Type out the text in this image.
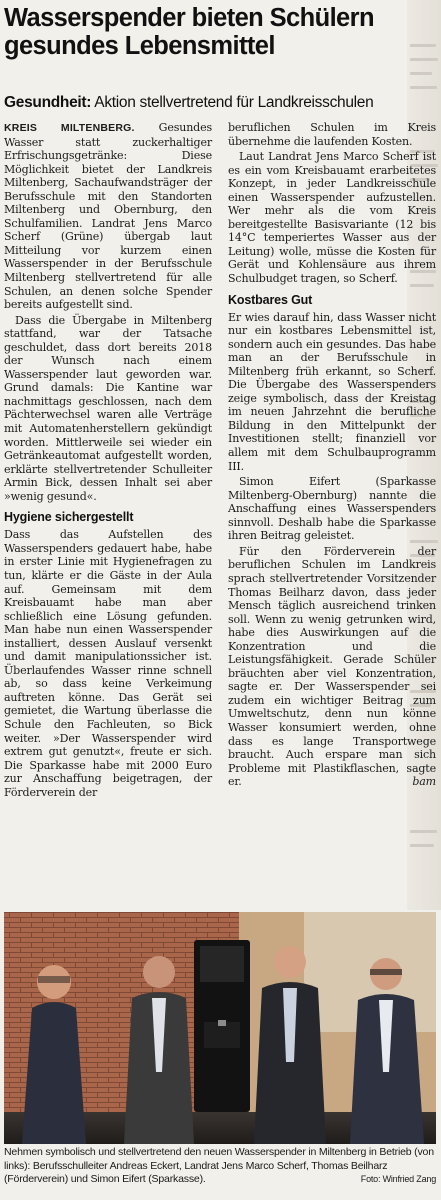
Wasserspender bieten Schülern gesundes Lebensmittel
Gesundheit: Aktion stellvertretend für Landkreisschulen

KREIS MILTENBERG. Gesundes Wasser statt zuckerhaltiger Erfrischungsgetränke: Diese Möglichkeit bietet der Landkreis Miltenberg, Sachaufwandsträger der Berufsschule mit den Standorten Miltenberg und Obernburg, den Schulfamilien. Landrat Jens Marco Scherf (Grüne) übergab laut Mitteilung vor kurzem einen Wasserspender in der Berufsschule Miltenberg stellvertretend für alle Schulen, an denen solche Spender bereits aufgestellt sind.

Dass die Übergabe in Miltenberg stattfand, war der Tatsache geschuldet, dass dort bereits 2018 der Wunsch nach einem Wasserspender laut geworden war. Grund damals: Die Kantine war nachmittags geschlossen, nach dem Pächterwechsel waren alle Verträge mit Automatenherstellern gekündigt worden. Mittlerweile sei wieder ein Getränkeautomat aufgestellt worden, erklärte stellvertretender Schulleiter Armin Bick, dessen Inhalt sei aber »wenig gesund«.

Hygiene sichergestellt

Dass das Aufstellen des Wasserspenders gedauert habe, habe in erster Linie mit Hygienefragen zu tun, klärte er die Gäste in der Aula auf. Gemeinsam mit dem Kreisbauamt habe man aber schließlich eine Lösung gefunden. Man habe nun einen Wasserspender installiert, dessen Auslauf versenkt und damit manipulationssicher ist. Überlaufendes Wasser rinne schnell ab, so dass keine Verkeimung auftreten könne. Das Gerät sei gemietet, die Wartung überlasse die Schule den Fachleuten, so Bick weiter. »Der Wasserspender wird extrem gut genutzt«, freute er sich. Die Sparkasse habe mit 2000 Euro zur Anschaffung beigetragen, der Förderverein der

beruflichen Schulen im Kreis übernehme die laufenden Kosten.

Laut Landrat Jens Marco Scherf ist es ein vom Kreisbauamt erarbeitetes Konzept, in jeder Landkreisschule einen Wasserspender aufzustellen. Wer mehr als die vom Kreis bereitgestellte Basisvariante (12 bis 14°C temperiertes Wasser aus der Leitung) wolle, müsse die Kosten für Gerät und Kohlensäure aus ihrem Schulbudget tragen, so Scherf.

Kostbares Gut

Er wies darauf hin, dass Wasser nicht nur ein kostbares Lebensmittel ist, sondern auch ein gesundes. Das habe man an der Berufsschule in Miltenberg früh erkannt, so Scherf. Die Übergabe des Wasserspenders zeige symbolisch, dass der Kreistag im neuen Jahrzehnt die berufliche Bildung in den Mittelpunkt der Investitionen stellt; finanziell vor allem mit dem Schulbauprogramm III.

Simon Eifert (Sparkasse Miltenberg-Obernburg) nannte die Anschaffung eines Wasserspenders sinnvoll. Deshalb habe die Sparkasse ihren Beitrag geleistet.

Für den Förderverein der beruflichen Schulen im Landkreis sprach stellvertretender Vorsitzender Thomas Beilharz davon, dass jeder Mensch täglich ausreichend trinken soll. Wenn zu wenig getrunken wird, habe dies Auswirkungen auf die Konzentration und die Leistungsfähigkeit. Gerade Schüler bräuchten aber viel Konzentration, sagte er. Der Wasserspender sei zudem ein wichtiger Beitrag zum Umweltschutz, denn nun könne Wasser konsumiert werden, ohne dass es lange Transportwege braucht. Auch erspare man sich Probleme mit Plastikflaschen, sagte er.	bam

Nehmen symbolisch und stellvertretend den neuen Wasserspender in Miltenberg in Betrieb (von links): Berufsschulleiter Andreas Eckert, Landrat Jens Marco Scherf, Thomas Beilharz (Förderverein) und Simon Eifert (Sparkasse).	Foto: Winfried Zang
